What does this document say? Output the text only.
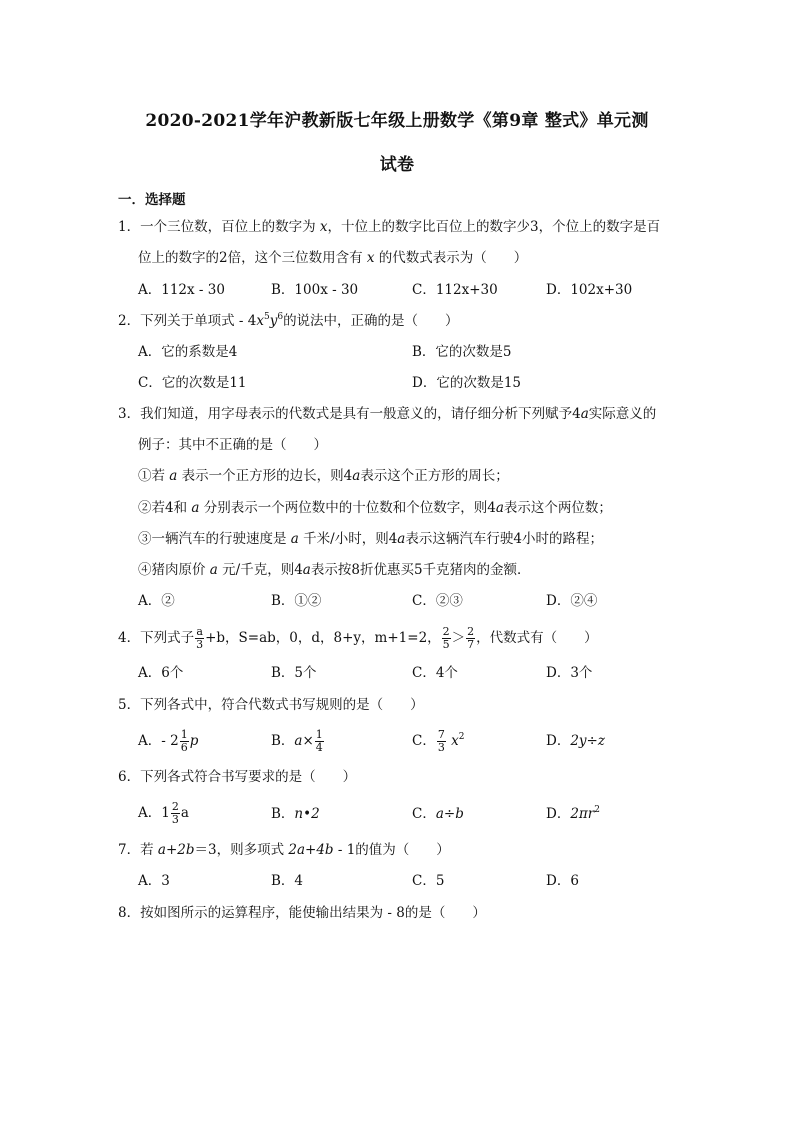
2020-2021学年沪教新版七年级上册数学《第9章 整式》单元测
试卷
一．选择题
1．一个三位数，百位上的数字为 x，十位上的数字比百位上的数字少3，个位上的数字是百
位上的数字的2倍，这个三位数用含有 x 的代数式表示为（　　）
A．112x - 30	B．100x - 30	C．112x+30	D．102x+30
2．下列关于单项式 - $4x^5y^6$的说法中，正确的是（　　）
A．它的系数是4	B．它的次数是5
C．它的次数是11	D．它的次数是15
3．我们知道，用字母表示的代数式是具有一般意义的，请仔细分析下列赋予4a实际意义的
例子：其中不正确的是（　　）
①若 a 表示一个正方形的边长，则4a表示这个正方形的周长；
②若4和 a 分别表示一个两位数中的十位数和个位数字，则4a表示这个两位数；
③一辆汽车的行驶速度是 a 千米/小时，则4a表示这辆汽车行驶4小时的路程；
④猪肉原价 a 元/千克，则4a表示按8折优惠买5千克猪肉的金额．
A．②	B．①②	C．②③	D．②④
4．下列式子 $\frac{a}{3} +b$，S=ab，0，d，8+y，m+1=2， $\frac{2}{5} > \frac{2}{7}$ ，代数式有（　　）
A．6个	B．5个	C．4个	D．3个
5．下列各式中，符合代数式书写规则的是（　　）
A．- $2 \frac{1}{6}$ p	B．$a\times \frac{1}{4}$	C． $\frac{7}{3} x^2$	D．2y÷z
6．下列各式符合书写要求的是（　　）
A．$1 \frac{2}{3}$ a	B．n•2	C．a÷b	D．$2\pi r^2$
7．若 a+2b＝3，则多项式 2a+4b - 1的值为（　　）
A．3	B．4	C．5	D．6
8．按如图所示的运算程序，能使输出结果为 - 8的是（　　）
